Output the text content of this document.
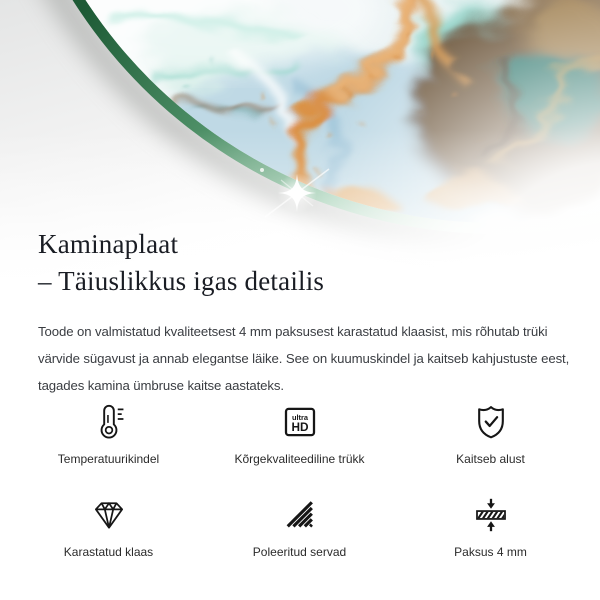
Kaminaplaat
– Täiuslikkus igas detailis
Toode on valmistatud kvaliteetsest 4 mm paksusest karastatud klaasist, mis rõhutab trüki värvide sügavust ja annab elegantse läike. See on kuumuskindel ja kaitseb kahjustuste eest, tagades kamina ümbruse kaitse aastateks.
Temperatuurikindel
ultra
HD
Kõrgekvaliteediline trükk	Kaitseb alust
Karastatud klaas	Poleeritud servad	Paksus 4 mm
